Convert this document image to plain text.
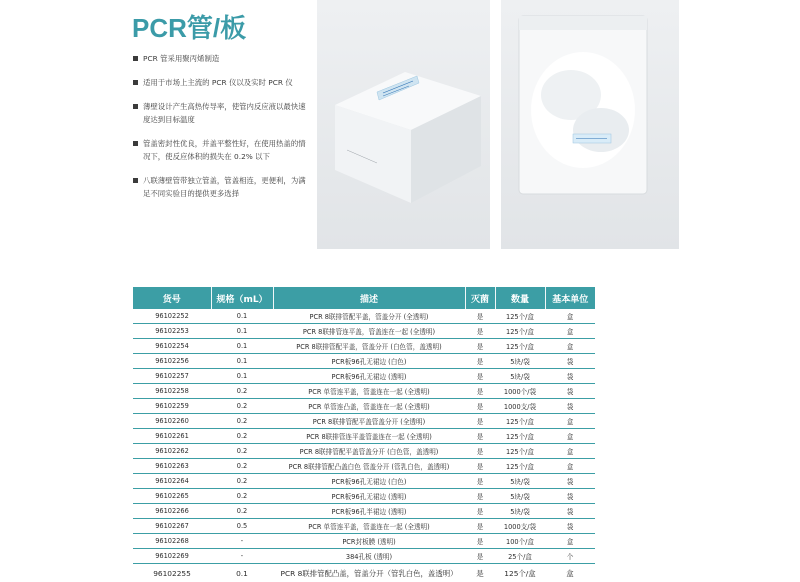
PCR管/板
PCR 管采用聚丙烯制造
适用于市场上主流的 PCR 仪以及实时 PCR 仪
薄壁设计产生高热传导率，使管内反应液以最快速度达到目标温度
管盖密封性优良，并盖平整性好，在使用热盖的情况下，使反应体积的损失在 0.2% 以下
八联薄壁管带独立管盖，管盖相连，更便利，为满足不同实验目的提供更多选择
货号	规格（mL）	描述	灭菌	数量	基本单位
96102252	0.1	PCR 8联排管配平盖，管盖分开 (全透明)	是	125个/盒	盒
96102253	0.1	PCR 8联排管连平盖，管盖连在一起 (全透明)	是	125个/盒	盒
96102254	0.1	PCR 8联排管配平盖，管盖分开 (白色管，盖透明)	是	125个/盒	盒
96102256	0.1	PCR板96孔无裙边 (白色)	是	5块/袋	袋
96102257	0.1	PCR板96孔无裙边 (透明)	是	5块/袋	袋
96102258	0.2	PCR 单管连平盖，管盖连在一起 (全透明)	是	1000个/袋	袋
96102259	0.2	PCR 单管连凸盖，管盖连在一起 (全透明)	是	1000支/袋	袋
96102260	0.2	PCR 8联排管配平盖管盖分开 (全透明)	是	125个/盒	盒
96102261	0.2	PCR 8联排管连平盖管盖连在一起 (全透明)	是	125个/盒	盒
96102262	0.2	PCR 8联排管配平盖管盖分开 (白色管，盖透明)	是	125个/盒	盒
96102263	0.2	PCR 8联排管配凸盖白色 管盖分开 (管乳白色，盖透明)	是	125个/盒	盒
96102264	0.2	PCR板96孔无裙边 (白色)	是	5块/袋	袋
96102265	0.2	PCR板96孔无裙边 (透明)	是	5块/袋	袋
96102266	0.2	PCR板96孔半裙边 (透明)	是	5块/袋	袋
96102267	0.5	PCR 单管连平盖，管盖连在一起 (全透明)	是	1000支/袋	袋
96102268	-	PCR封板膜 (透明)	是	100个/盒	盒
96102269	-	384孔板 (透明)	是	25个/盒	个
96102255	0.1	PCR 8联排管配凸盖，管盖分开（管乳白色，盖透明）	是	125个/盒	盒
